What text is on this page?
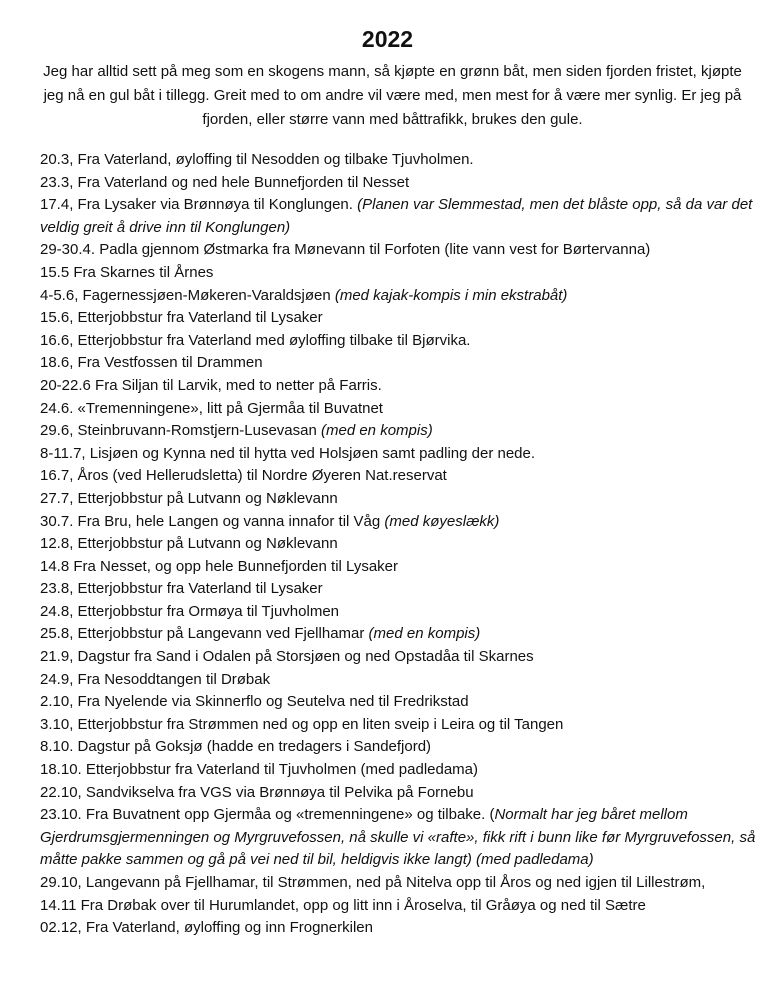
2022

Jeg har alltid sett på meg som en skogens mann, så kjøpte en grønn båt, men siden fjorden fristet, kjøpte jeg nå en gul båt i tillegg. Greit med to om andre vil være med, men mest for å være mer synlig. Er jeg på fjorden, eller større vann med båttrafikk, brukes den gule.

20.3, Fra Vaterland, øyloffing til Nesodden og tilbake Tjuvholmen.
23.3, Fra Vaterland og ned hele Bunnefjorden til Nesset
17.4, Fra Lysaker via Brønnøya til Konglungen. (Planen var Slemmestad, men det blåste opp, så da var det veldig greit å drive inn til Konglungen)
29-30.4. Padla gjennom Østmarka fra Mønevann til Forfoten (lite vann vest for Børtervanna)
15.5 Fra Skarnes til Årnes
4-5.6, Fagernessjøen-Møkeren-Varaldsjøen (med kajak-kompis i min ekstrabåt)
15.6, Etterjobbstur fra Vaterland til Lysaker
16.6, Etterjobbstur fra Vaterland med øyloffing tilbake til Bjørvika.
18.6, Fra Vestfossen til Drammen
20-22.6 Fra Siljan til Larvik, med to netter på Farris.
24.6. «Tremenningene», litt på Gjermåa til Buvatnet
29.6, Steinbruvann-Romstjern-Lusevasan (med en kompis)
8-11.7, Lisjøen og Kynna ned til hytta ved Holsjøen samt padling der nede.
16.7, Åros (ved Hellerudsletta) til Nordre Øyeren Nat.reservat
27.7, Etterjobbstur på Lutvann og Nøklevann
30.7. Fra Bru, hele Langen og vanna innafor til Våg (med køyeslækk)
12.8, Etterjobbstur på Lutvann og Nøklevann
14.8 Fra Nesset, og opp hele Bunnefjorden til Lysaker
23.8, Etterjobbstur fra Vaterland til Lysaker
24.8, Etterjobbstur fra Ormøya til Tjuvholmen
25.8, Etterjobbstur på Langevann ved Fjellhamar (med en kompis)
21.9, Dagstur fra Sand i Odalen på Storsjøen og ned Opstadåa til Skarnes
24.9, Fra Nesoddtangen til Drøbak
2.10, Fra Nyelende via Skinnerflo og Seutelva ned til Fredrikstad
3.10, Etterjobbstur fra Strømmen ned og opp en liten sveip i Leira og til Tangen
8.10. Dagstur på Goksjø (hadde en tredagers i Sandefjord)
18.10. Etterjobbstur fra Vaterland til Tjuvholmen (med padledama)
22.10, Sandvikselva fra VGS via Brønnøya til Pelvika på Fornebu
23.10. Fra Buvatnent opp Gjermåa og «tremenningene» og tilbake. (Normalt har jeg båret mellom Gjerdrumsgjermenningen og Myrgruvefossen, nå skulle vi «rafte», fikk rift i bunn like før Myrgruvefossen, så måtte pakke sammen og gå på vei ned til bil, heldigvis ikke langt) (med padledama)
29.10, Langevann på Fjellhamar, til Strømmen, ned på Nitelva opp til Åros og ned igjen til Lillestrøm,
14.11 Fra Drøbak over til Hurumlandet, opp og litt inn i Åroselva, til Gråøya og ned til Sætre
02.12, Fra Vaterland, øyloffing og inn Frognerkilen
